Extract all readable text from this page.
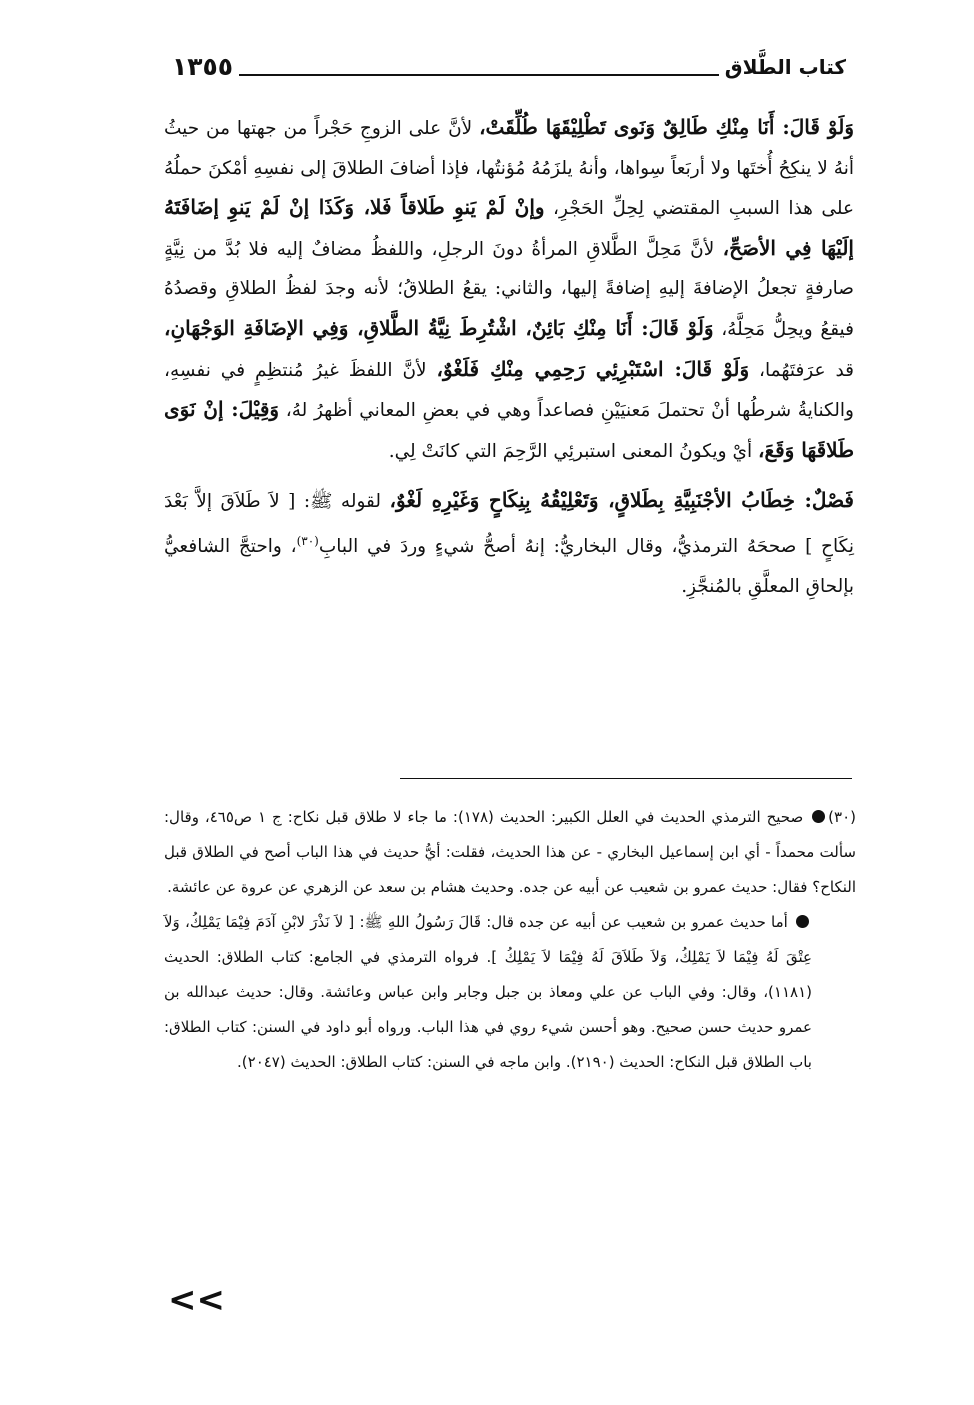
كتاب الطَّلاق
١٣٥٥

وَلَوْ قَالَ: أَنَا مِنْكِ طَالِقٌ وَنَوى تَطْلِيْقَهَا طُلِّقَتْ، لأنَّ على الزوجِ حَجْراً من جهتها من حيثُ أنهُ لا ينكِحُ أُختَها ولا أربَعاً سِواها، وأنهُ يلزَمُهُ مُؤنتُها، فإذا أضافَ الطلاقَ إلى نفسِهِ أمْكنَ حملُهُ على هذا السببِ المقتضي لِحِلِّ الحَجْرِ، وإنْ لَمْ يَنوِ طَلاقاً فَلا، وَكَذَا إنْ لَمْ يَنوِ إضَافَتَهُ إلَيْهَا فِي الأصَحِّ، لأنَّ مَحِلَّ الطَّلاقِ المرأةُ دونَ الرجلِ، واللفظُ مضافٌ إليه فلا بُدَّ من نِيَّةٍ صارفةٍ تجعلُ الإضافةَ إليهِ إضافةً إليها، والثاني: يقعُ الطلاقُ؛ لأنه وجدَ لفظُ الطلاقِ وقصدُهُ فيقعُ ويحِلُّ مَحِلَّهُ، وَلَوْ قَالَ: أَنَا مِنْكِ بَائِنٌ، اشْتُرِطَ نِيَّةُ الطَّلاقِ، وَفِي الإضَافَةِ الوَجْهَانِ، قد عرَفتَهُما، وَلَوْ قَالَ: اسْتَبْرِئِي رَحِمِي مِنْكِ فَلَغْوٌ، لأنَّ اللفظَ غيرُ مُنتظِمٍ في نفسِهِ، والكنايةُ شرطُها أنْ تحتملَ مَعنيَيْنِ فصاعداً وهي في بعضِ المعاني أظهرُ لهُ، وَقِيْلَ: إنْ نَوَى طَلاقَهَا وَقَعَ، أيْ ويكونُ المعنى استبرئِي الرَّحِمَ التي كانَتْ لِي.

فَصْلٌ: خِطَابُ الأجْنَبِيَّةِ بِطَلاقٍ، وَتَعْلِيْقُهُ بِنِكَاحٍ وَغَيْرِهِ لَغْوٌ، لقوله ﷺ: [ لاَ طَلاَقَ إلاَّ بَعْدَ نِكَاحٍ ] صححَهُ الترمذيُّ، وقال البخاريُّ: إنهُ أصحُّ شيءٍ وردَ في البابِ$^{(٣٠)}$، واحتجَّ الشافعيُّ بإلحاقِ المعلَّقِ بالمُنجَّزِ.

(٣٠) صحيح الترمذي الحديث في العلل الكبير: الحديث (١٧٨): ما جاء لا طلاق قبل نكاح: ج ١ ص٤٦٥، وقال: سألت محمداً - أي ابن إسماعيل البخاري - عن هذا الحديث، فقلت: أيُّ حديث في هذا الباب أصح في الطلاق قبل النكاح؟ فقال: حديث عمرو بن شعيب عن أبيه عن جده. وحديث هشام بن سعد عن الزهري عن عروة عن عائشة.

أما حديث عمرو بن شعيب عن أبيه عن جده قال: قَالَ رَسُولُ اللهِ ﷺ: [ لاَ نَذْرَ لابْنِ آدَمَ فِيْمَا يَمْلِكُ، وَلاَ عِتْقَ لَهُ فِيْمَا لاَ يَمْلِكُ، وَلاَ طَلاَقَ لَهُ فِيْمَا لاَ يَمْلِكُ ]. فرواه الترمذي في الجامع: كتاب الطلاق: الحديث (١١٨١)، وقال: وفي الباب عن علي ومعاذ بن جبل وجابر وابن عباس وعائشة. وقال: حديث عبدالله بن عمرو حديث حسن صحيح. وهو أحسن شيء روي في هذا الباب. ورواه أبو داود في السنن: كتاب الطلاق: باب الطلاق قبل النكاح: الحديث (٢١٩٠). وابن ماجه في السنن: كتاب الطلاق: الحديث (٢٠٤٧).

<<
